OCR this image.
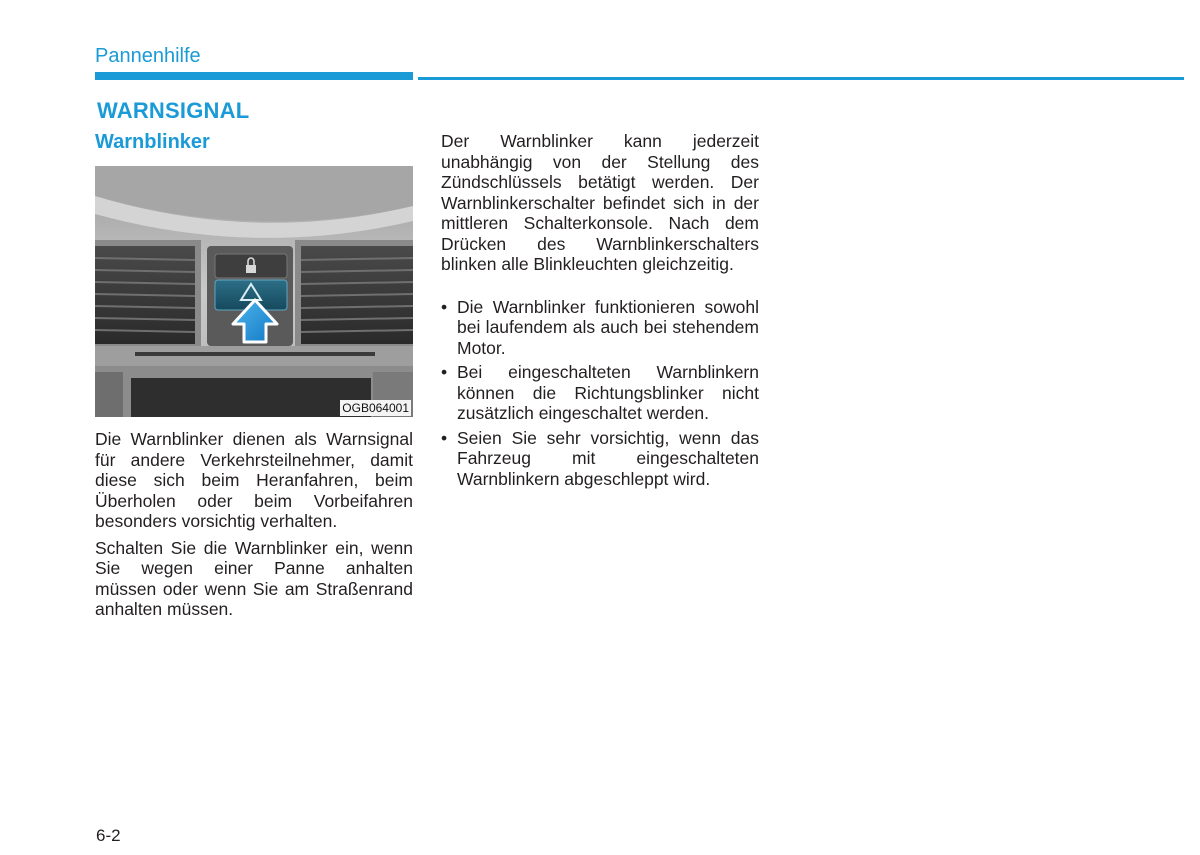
Pannenhilfe
WARNSIGNAL
Warnblinker
OGB064001

Die Warnblinker dienen als Warnsignal für andere Verkehrsteilnehmer, damit diese sich beim Heranfahren, beim Überholen oder beim Vorbeifahren besonders vorsichtig verhalten.

Schalten Sie die Warnblinker ein, wenn Sie wegen einer Panne anhalten müssen oder wenn Sie am Straßenrand anhalten müssen.

Der Warnblinker kann jederzeit unabhängig von der Stellung des Zündschlüssels betätigt werden. Der Warnblinkerschalter befindet sich in der mittleren Schalterkonsole. Nach dem Drücken des Warnblinkerschalters blinken alle Blinkleuchten gleichzeitig.

• Die Warnblinker funktionieren sowohl bei laufendem als auch bei stehendem Motor.
• Bei eingeschalteten Warnblinkern können die Richtungsblinker nicht zusätzlich eingeschaltet werden.
• Seien Sie sehr vorsichtig, wenn das Fahrzeug mit eingeschalteten Warnblinkern abgeschleppt wird.
6-2
